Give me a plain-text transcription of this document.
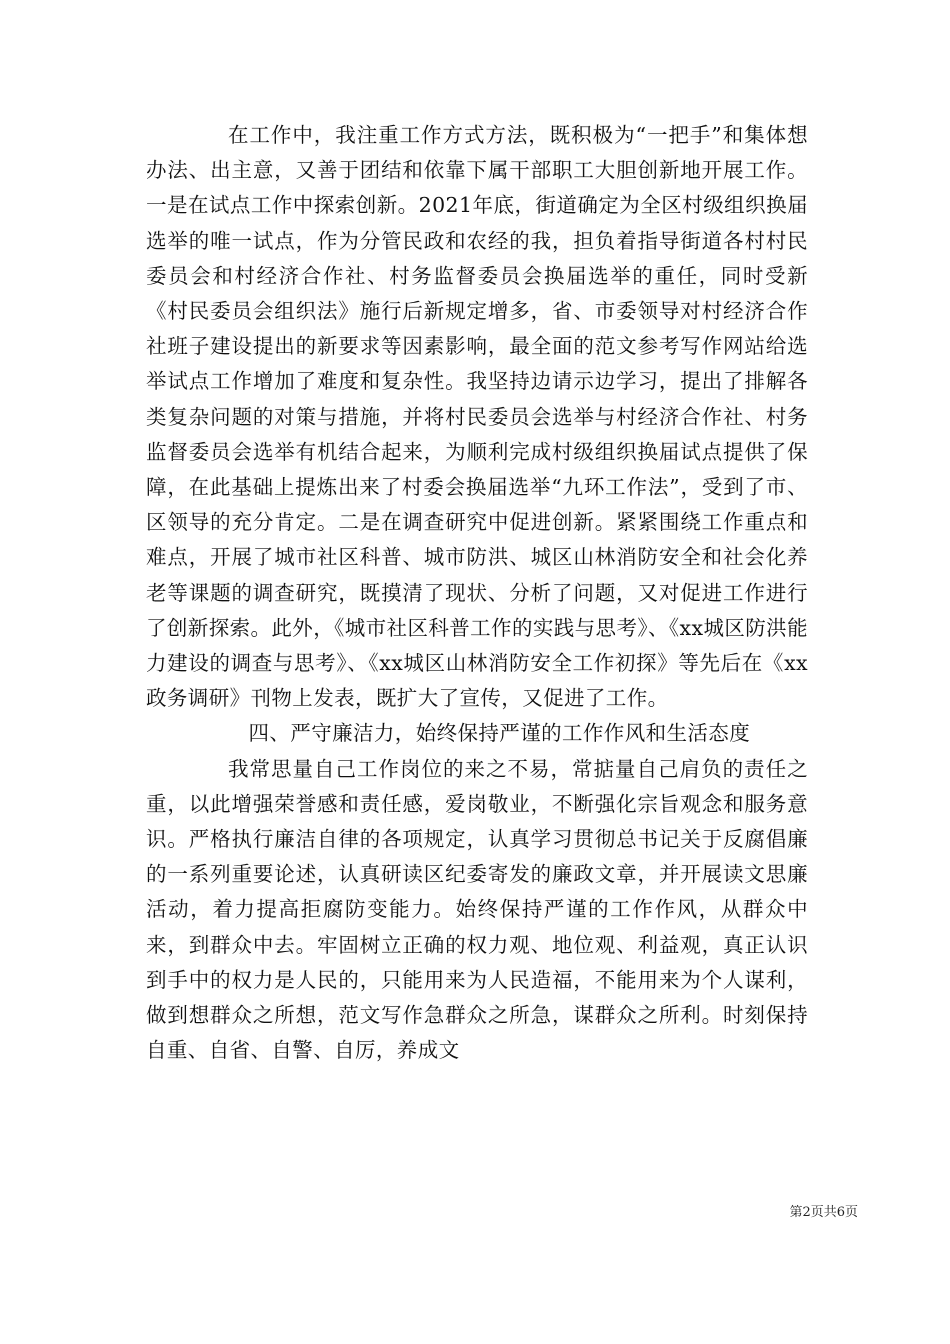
在工作中，我注重工作方式方法，既积极为“一把手”和集体想办法、出主意，又善于团结和依靠下属干部职工大胆创新地开展工作。一是在试点工作中探索创新。2021年底，街道确定为全区村级组织换届选举的唯一试点，作为分管民政和农经的我，担负着指导街道各村村民委员会和村经济合作社、村务监督委员会换届选举的重任，同时受新《村民委员会组织法》施行后新规定增多，省、市委领导对村经济合作社班子建设提出的新要求等因素影响，最全面的范文参考写作网站给选举试点工作增加了难度和复杂性。我坚持边请示边学习，提出了排解各类复杂问题的对策与措施，并将村民委员会选举与村经济合作社、村务监督委员会选举有机结合起来，为顺利完成村级组织换届试点提供了保障，在此基础上提炼出来了村委会换届选举“九环工作法”，受到了市、区领导的充分肯定。二是在调查研究中促进创新。紧紧围绕工作重点和难点，开展了城市社区科普、城市防洪、城区山林消防安全和社会化养老等课题的调查研究，既摸清了现状、分析了问题，又对促进工作进行了创新探索。此外，《城市社区科普工作的实践与思考》、《xx城区防洪能力建设的调查与思考》、《xx城区山林消防安全工作初探》等先后在《xx政务调研》刊物上发表，既扩大了宣传，又促进了工作。

四、严守廉洁力，始终保持严谨的工作作风和生活态度

我常思量自己工作岗位的来之不易，常掂量自己肩负的责任之重，以此增强荣誉感和责任感，爱岗敬业，不断强化宗旨观念和服务意识。严格执行廉洁自律的各项规定，认真学习贯彻总书记关于反腐倡廉的一系列重要论述，认真研读区纪委寄发的廉政文章，并开展读文思廉活动，着力提高拒腐防变能力。始终保持严谨的工作作风，从群众中来，到群众中去。牢固树立正确的权力观、地位观、利益观，真正认识到手中的权力是人民的，只能用来为人民造福，不能用来为个人谋利，做到想群众之所想，范文写作急群众之所急，谋群众之所利。时刻保持自重、自省、自警、自厉，养成文

第2页共6页
